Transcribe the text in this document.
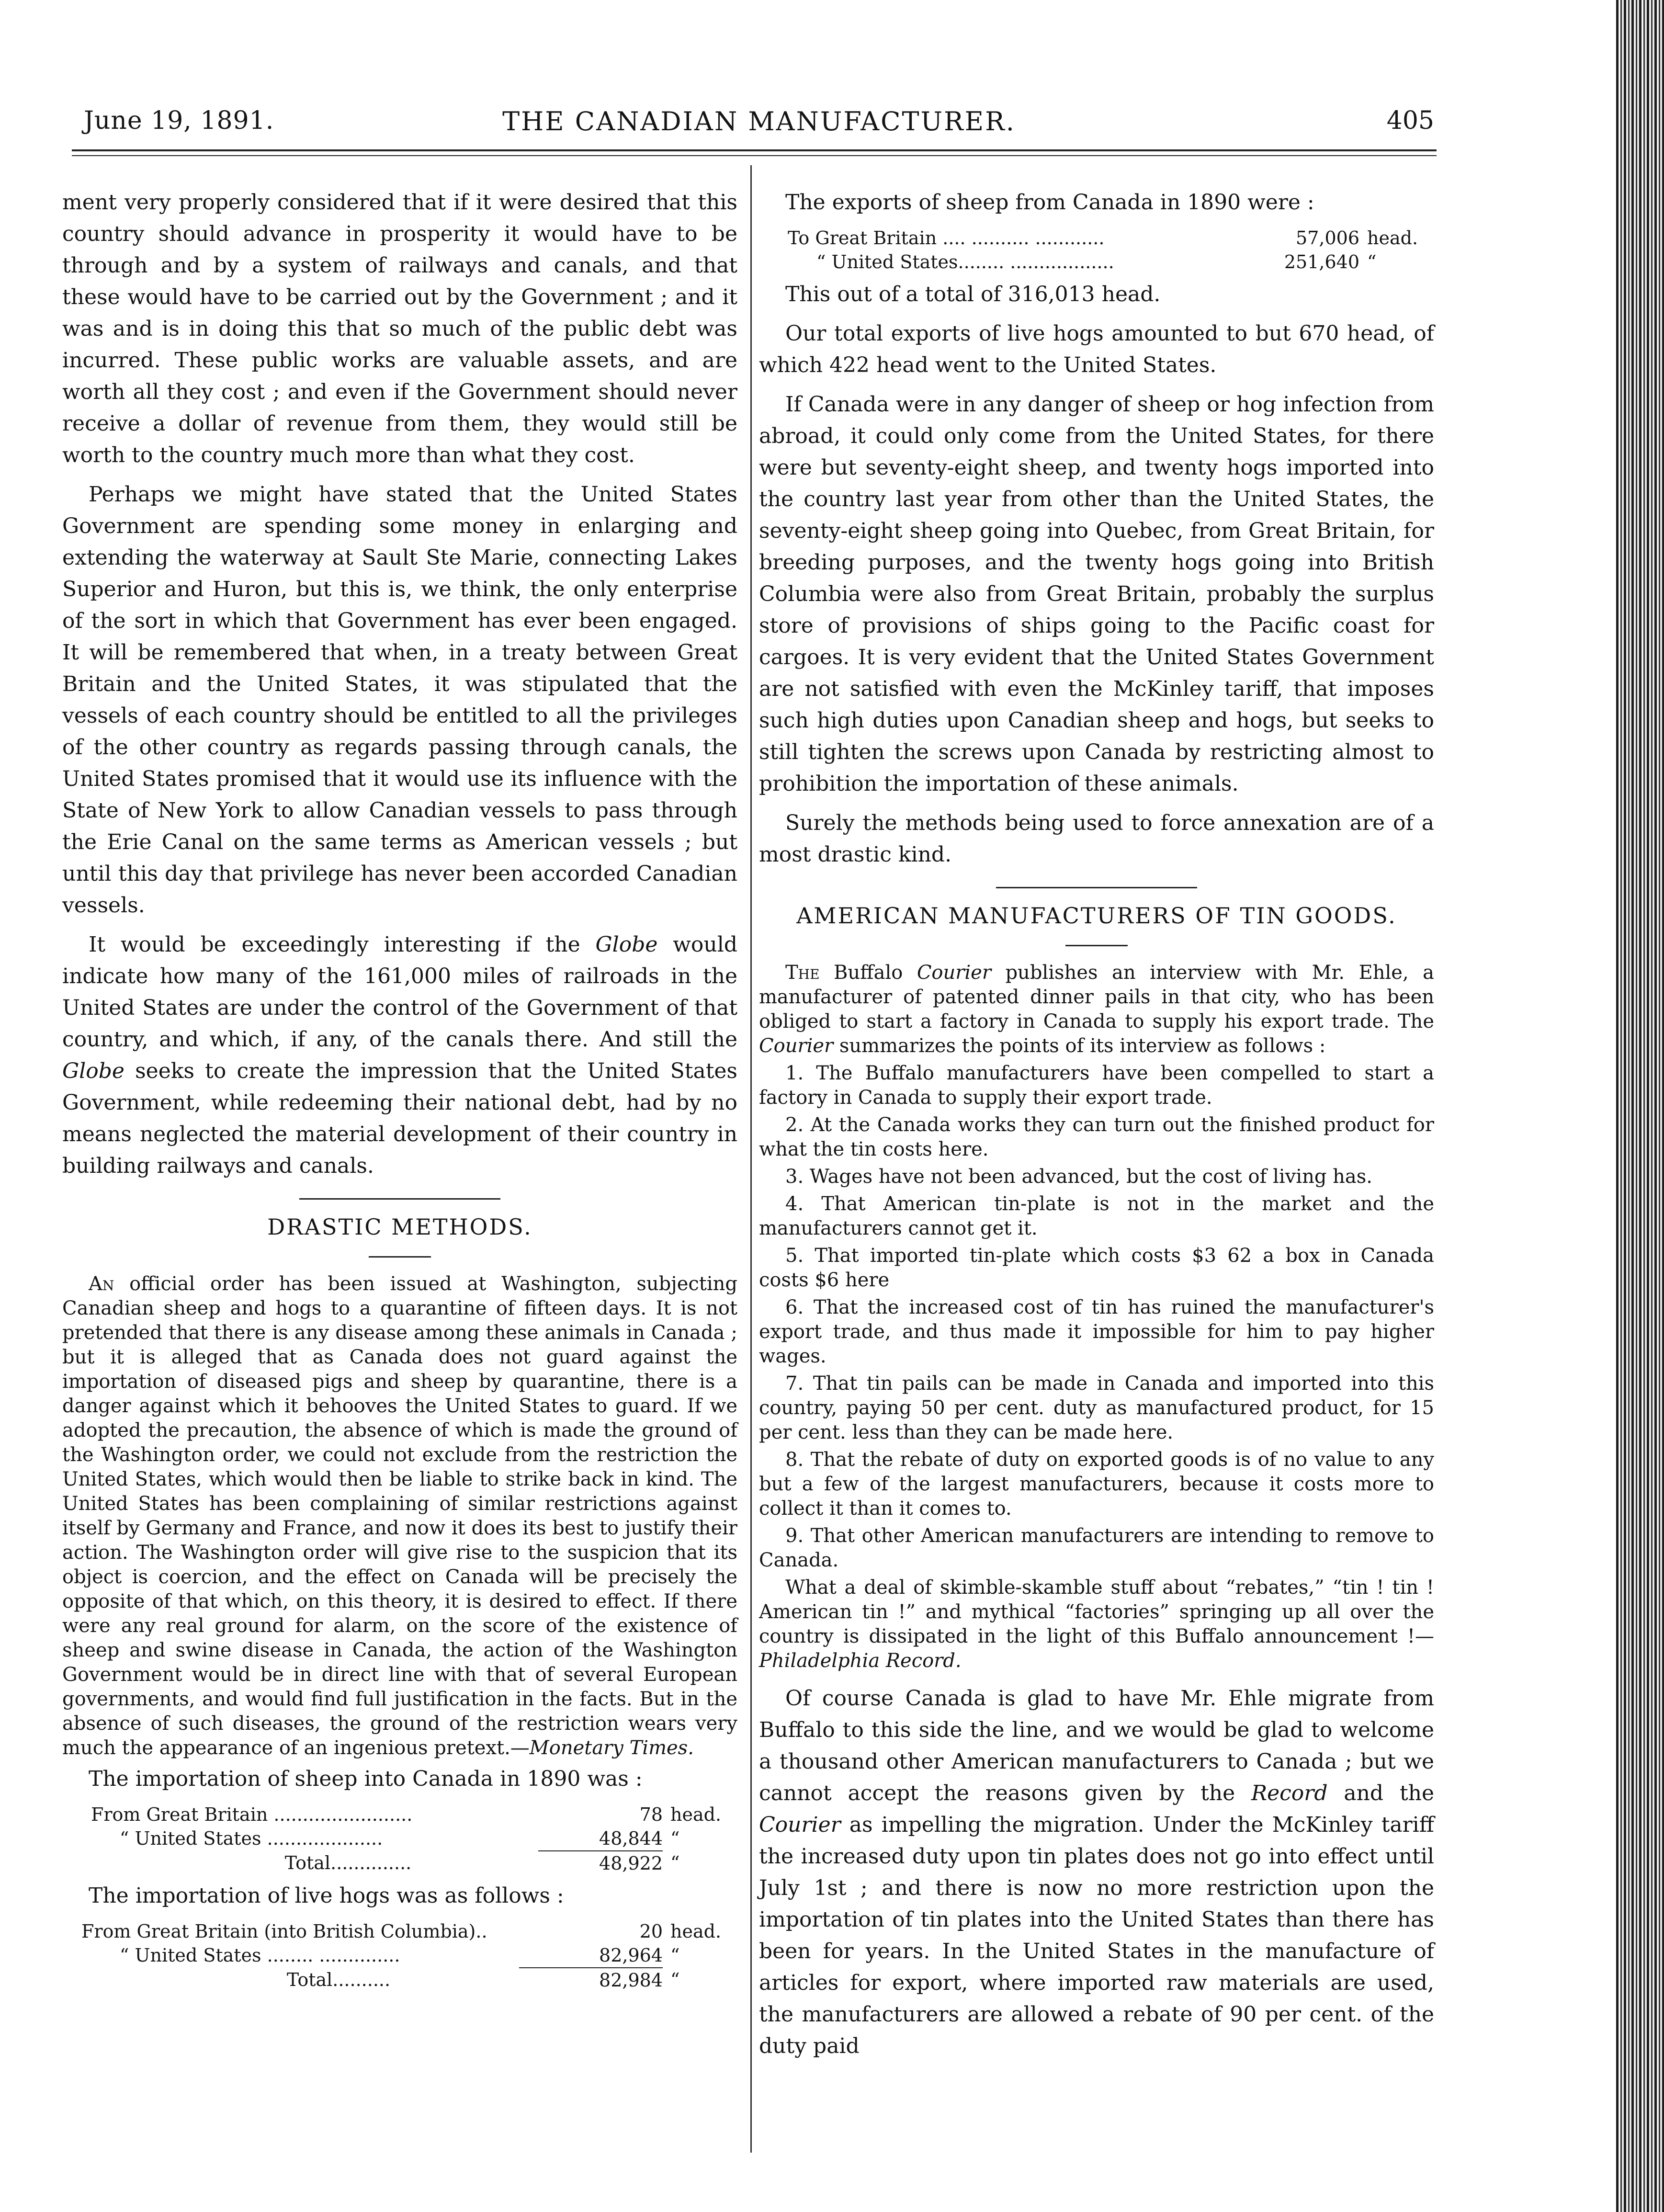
June 19, 1891.	THE CANADIAN MANUFACTURER.	405

ment very properly considered that if it were desired that this country should advance in prosperity it would have to be through and by a system of railways and canals, and that these would have to be carried out by the Government ; and it was and is in doing this that so much of the public debt was incurred. These public works are valuable assets, and are worth all they cost ; and even if the Government should never receive a dollar of revenue from them, they would still be worth to the country much more than what they cost.

Perhaps we might have stated that the United States Government are spending some money in enlarging and extending the waterway at Sault Ste Marie, connecting Lakes Superior and Huron, but this is, we think, the only enterprise of the sort in which that Government has ever been engaged. It will be remembered that when, in a treaty between Great Britain and the United States, it was stipulated that the vessels of each country should be entitled to all the privileges of the other country as regards passing through canals, the United States promised that it would use its influence with the State of New York to allow Canadian vessels to pass through the Erie Canal on the same terms as American vessels ; but until this day that privilege has never been accorded Canadian vessels.

It would be exceedingly interesting if the Globe would indicate how many of the 161,000 miles of railroads in the United States are under the control of the Government of that country, and which, if any, of the canals there. And still the Globe seeks to create the impression that the United States Government, while redeeming their national debt, had by no means neglected the material development of their country in building railways and canals.

DRASTIC METHODS.

An official order has been issued at Washington, subjecting Canadian sheep and hogs to a quarantine of fifteen days. It is not pretended that there is any disease among these animals in Canada ; but it is alleged that as Canada does not guard against the importation of diseased pigs and sheep by quarantine, there is a danger against which it behooves the United States to guard. If we adopted the precaution, the absence of which is made the ground of the Washington order, we could not exclude from the restriction the United States, which would then be liable to strike back in kind. The United States has been complaining of similar restrictions against itself by Germany and France, and now it does its best to justify their action. The Washington order will give rise to the suspicion that its object is coercion, and the effect on Canada will be precisely the opposite of that which, on this theory, it is desired to effect. If there were any real ground for alarm, on the score of the existence of sheep and swine disease in Canada, the action of the Washington Government would be in direct line with that of several European governments, and would find full justification in the facts. But in the absence of such diseases, the ground of the restriction wears very much the appearance of an ingenious pretext.—Monetary Times.

The importation of sheep into Canada in 1890 was :

From Great Britain ........................	78	head.
“ United States ....................	48,844	“
Total..............	48,922	“

The importation of live hogs was as follows :

From Great Britain (into British Columbia)..	20	head.
“ United States ........ ..............	82,964	“
Total..........	82,984	“

The exports of sheep from Canada in 1890 were :

To Great Britain .... .......... ............	57,006	head.
“ United States........ ..................	251,640	“

This out of a total of 316,013 head.

Our total exports of live hogs amounted to but 670 head, of which 422 head went to the United States.

If Canada were in any danger of sheep or hog infection from abroad, it could only come from the United States, for there were but seventy-eight sheep, and twenty hogs imported into the country last year from other than the United States, the seventy-eight sheep going into Quebec, from Great Britain, for breeding purposes, and the twenty hogs going into British Columbia were also from Great Britain, probably the surplus store of provisions of ships going to the Pacific coast for cargoes. It is very evident that the United States Government are not satisfied with even the McKinley tariff, that imposes such high duties upon Canadian sheep and hogs, but seeks to still tighten the screws upon Canada by restricting almost to prohibition the importation of these animals.

Surely the methods being used to force annexation are of a most drastic kind.

AMERICAN MANUFACTURERS OF TIN GOODS.

The Buffalo Courier publishes an interview with Mr. Ehle, a manufacturer of patented dinner pails in that city, who has been obliged to start a factory in Canada to supply his export trade. The Courier summarizes the points of its interview as follows :

1. The Buffalo manufacturers have been compelled to start a factory in Canada to supply their export trade.

2. At the Canada works they can turn out the finished product for what the tin costs here.

3. Wages have not been advanced, but the cost of living has.

4. That American tin-plate is not in the market and the manufacturers cannot get it.

5. That imported tin-plate which costs $3 62 a box in Canada costs $6 here

6. That the increased cost of tin has ruined the manufacturer's export trade, and thus made it impossible for him to pay higher wages.

7. That tin pails can be made in Canada and imported into this country, paying 50 per cent. duty as manufactured product, for 15 per cent. less than they can be made here.

8. That the rebate of duty on exported goods is of no value to any but a few of the largest manufacturers, because it costs more to collect it than it comes to.

9. That other American manufacturers are intending to remove to Canada.

What a deal of skimble-skamble stuff about “rebates,” “tin ! tin ! American tin !” and mythical “factories” springing up all over the country is dissipated in the light of this Buffalo announcement !—Philadelphia Record.

Of course Canada is glad to have Mr. Ehle migrate from Buffalo to this side the line, and we would be glad to welcome a thousand other American manufacturers to Canada ; but we cannot accept the reasons given by the Record and the Courier as impelling the migration. Under the McKinley tariff the increased duty upon tin plates does not go into effect until July 1st ; and there is now no more restriction upon the importation of tin plates into the United States than there has been for years. In the United States in the manufacture of articles for export, where imported raw materials are used, the manufacturers are allowed a rebate of 90 per cent. of the duty paid
